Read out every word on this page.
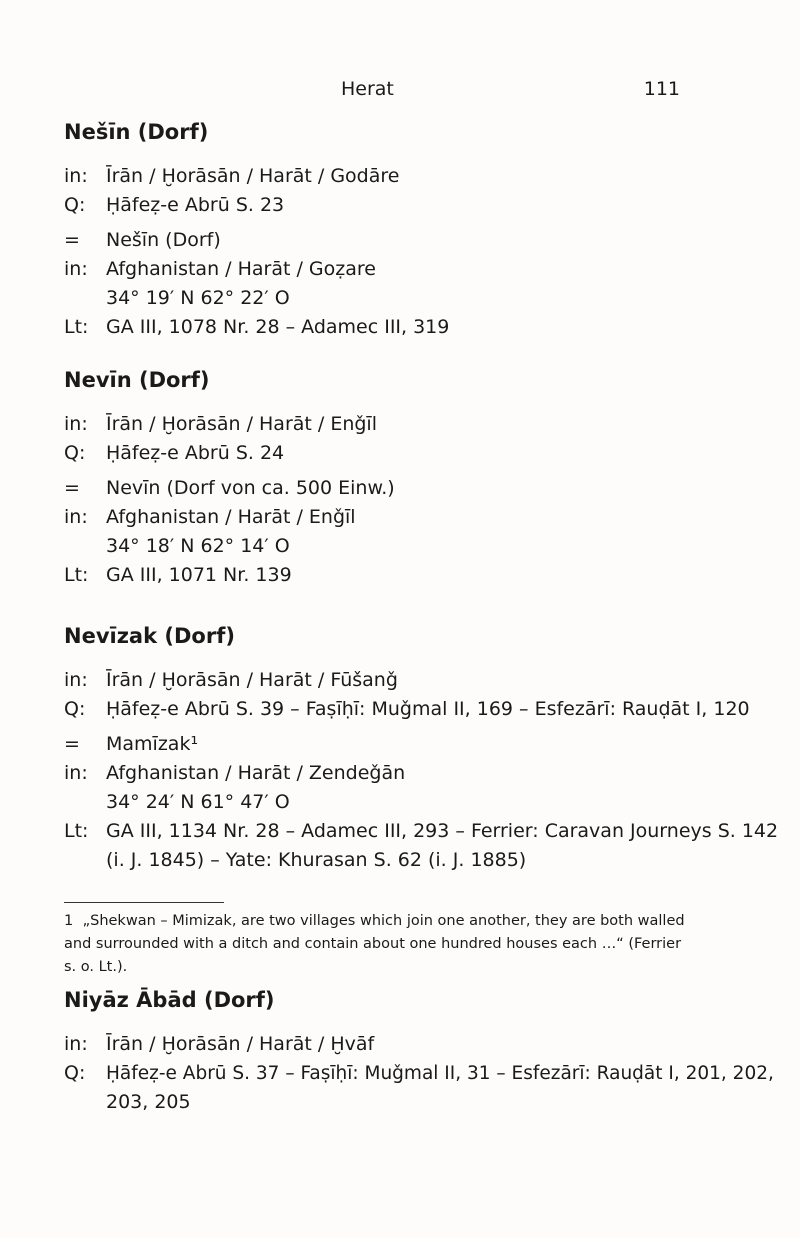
Herat	111
Nešīn (Dorf)
in: Īrān / Ḫorāsān / Harāt / Godāre
Q:	Ḥāfeẓ-e Abrū S. 23
=	Nešīn (Dorf)
in: Afghanistan / Harāt / Goẓare
34° 19′ N 62° 22′ O
Lt: GA III, 1078 Nr. 28 – Adamec III, 319
Nevīn (Dorf)
in: Īrān / Ḫorāsān / Harāt / Enǧīl
Q:	Ḥāfeẓ-e Abrū S. 24
=	Nevīn (Dorf von ca. 500 Einw.)
in: Afghanistan / Harāt / Enǧīl
34° 18′ N 62° 14′ O
Lt: GA III, 1071 Nr. 139
Nevīzak (Dorf)
in: Īrān / Ḫorāsān / Harāt / Fūšanǧ
Q:	Ḥāfeẓ-e Abrū S. 39 – Faṣīḥī: Muǧmal II, 169 – Esfezārī: Rauḍāt I, 120
=	Mamīzak¹
in: Afghanistan / Harāt / Zendeǧān
34° 24′ N 61° 47′ O
Lt: GA III, 1134 Nr. 28 – Adamec III, 293 – Ferrier: Caravan Journeys S. 142
(i. J. 1845) – Yate: Khurasan S. 62 (i. J. 1885)
1 „Shekwan – Mimizak, are two villages which join one another, they are both walled and surrounded with a ditch and contain about one hundred houses each …“ (Ferrier s. o. Lt.).
Niyāz Ābād (Dorf)
in: Īrān / Ḫorāsān / Harāt / Ḫvāf
Q:	Ḥāfeẓ-e Abrū S. 37 – Faṣīḥī: Muǧmal II, 31 – Esfezārī: Rauḍāt I, 201, 202,
203, 205
